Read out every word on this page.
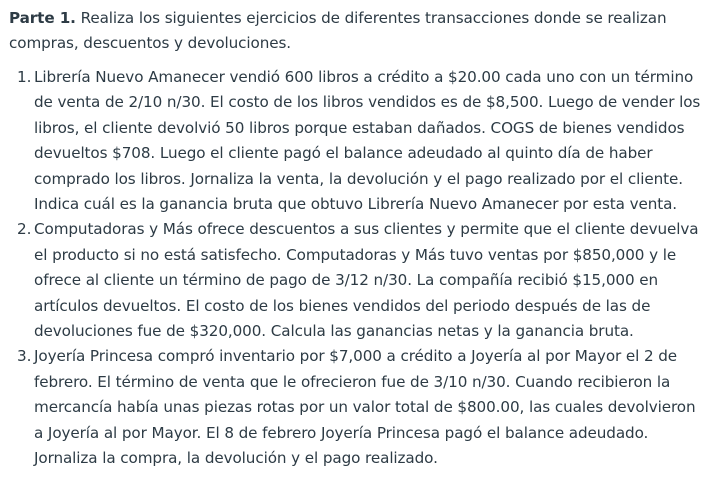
Parte 1. Realiza los siguientes ejercicios de diferentes transacciones donde se realizan compras, descuentos y devoluciones.

1. Librería Nuevo Amanecer vendió 600 libros a crédito a $20.00 cada uno con un término de venta de 2/10 n/30. El costo de los libros vendidos es de $8,500. Luego de vender los libros, el cliente devolvió 50 libros porque estaban dañados. COGS de bienes vendidos devueltos $708. Luego el cliente pagó el balance adeudado al quinto día de haber comprado los libros. Jornaliza la venta, la devolución y el pago realizado por el cliente. Indica cuál es la ganancia bruta que obtuvo Librería Nuevo Amanecer por esta venta.
2. Computadoras y Más ofrece descuentos a sus clientes y permite que el cliente devuelva el producto si no está satisfecho. Computadoras y Más tuvo ventas por $850,000 y le ofrece al cliente un término de pago de 3/12 n/30. La compañía recibió $15,000 en artículos devueltos. El costo de los bienes vendidos del periodo después de las de devoluciones fue de $320,000. Calcula las ganancias netas y la ganancia bruta.
3. Joyería Princesa compró inventario por $7,000 a crédito a Joyería al por Mayor el 2 de febrero. El término de venta que le ofrecieron fue de 3/10 n/30. Cuando recibieron la mercancía había unas piezas rotas por un valor total de $800.00, las cuales devolvieron a Joyería al por Mayor. El 8 de febrero Joyería Princesa pagó el balance adeudado. Jornaliza la compra, la devolución y el pago realizado.
